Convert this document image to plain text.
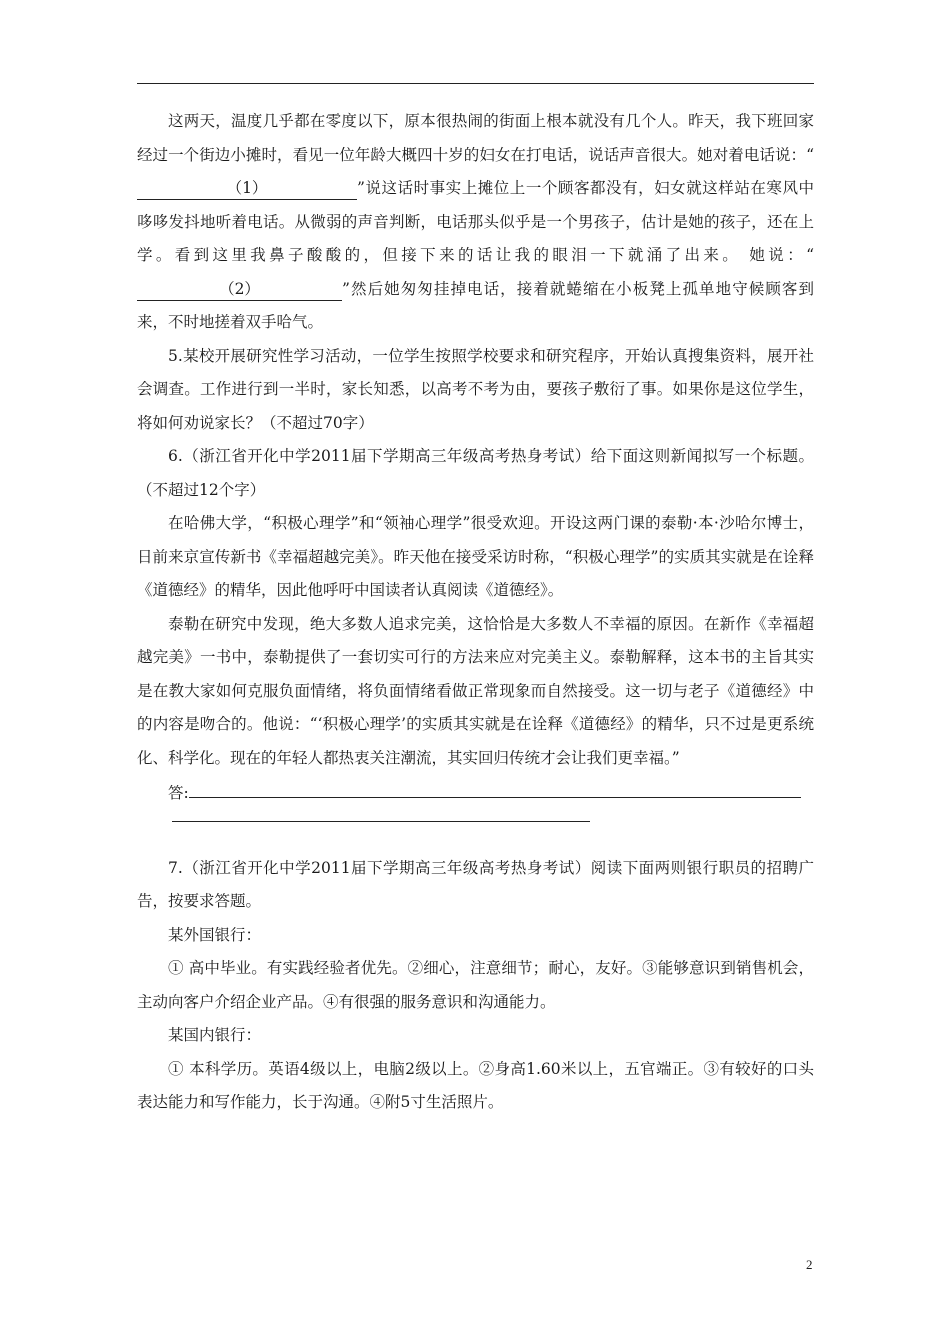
这两天，温度几乎都在零度以下，原本很热闹的街面上根本就没有几个人。昨天，我下班回家经过一个街边小摊时，看见一位年龄大概四十岁的妇女在打电话，说话声音很大。她对着电话说：“（1）	”说这话时事实上摊位上一个顾客都没有，妇女就这样站在寒风中哆哆发抖地听着电话。从微弱的声音判断，电话那头似乎是一个男孩子，估计是她的孩子，还在上学。看到这里我鼻子酸酸的，但接下来的话让我的眼泪一下就涌了出来。 她说：“（2）	”然后她匆匆挂掉电话，接着就蜷缩在小板凳上孤单地守候顾客到来，不时地搓着双手哈气。

5.某校开展研究性学习活动，一位学生按照学校要求和研究程序，开始认真搜集资料，展开社会调查。工作进行到一半时，家长知悉，以高考不考为由，要孩子敷衍了事。如果你是这位学生，将如何劝说家长？（不超过70字）

6.（浙江省开化中学2011届下学期高三年级高考热身考试）给下面这则新闻拟写一个标题。（不超过12个字）

在哈佛大学，“积极心理学”和“领袖心理学”很受欢迎。开设这两门课的泰勒·本·沙哈尔博士，日前来京宣传新书《幸福超越完美》。昨天他在接受采访时称，“积极心理学”的实质其实就是在诠释《道德经》的精华，因此他呼吁中国读者认真阅读《道德经》。

泰勒在研究中发现，绝大多数人追求完美，这恰恰是大多数人不幸福的原因。在新作《幸福超越完美》一书中，泰勒提供了一套切实可行的方法来应对完美主义。泰勒解释，这本书的主旨其实是在教大家如何克服负面情绪，将负面情绪看做正常现象而自然接受。这一切与老子《道德经》中的内容是吻合的。他说：“‘积极心理学’的实质其实就是在诠释《道德经》的精华，只不过是更系统化、科学化。现在的年轻人都热衷关注潮流，其实回归传统才会让我们更幸福。”

答:

7.（浙江省开化中学2011届下学期高三年级高考热身考试）阅读下面两则银行职员的招聘广告，按要求答题。

某外国银行：

① 高中毕业。有实践经验者优先。②细心，注意细节；耐心，友好。③能够意识到销售机会，主动向客户介绍企业产品。④有很强的服务意识和沟通能力。

某国内银行：

① 本科学历。英语4级以上，电脑2级以上。②身高1.60米以上，五官端正。③有较好的口头表达能力和写作能力，长于沟通。④附5寸生活照片。

2
